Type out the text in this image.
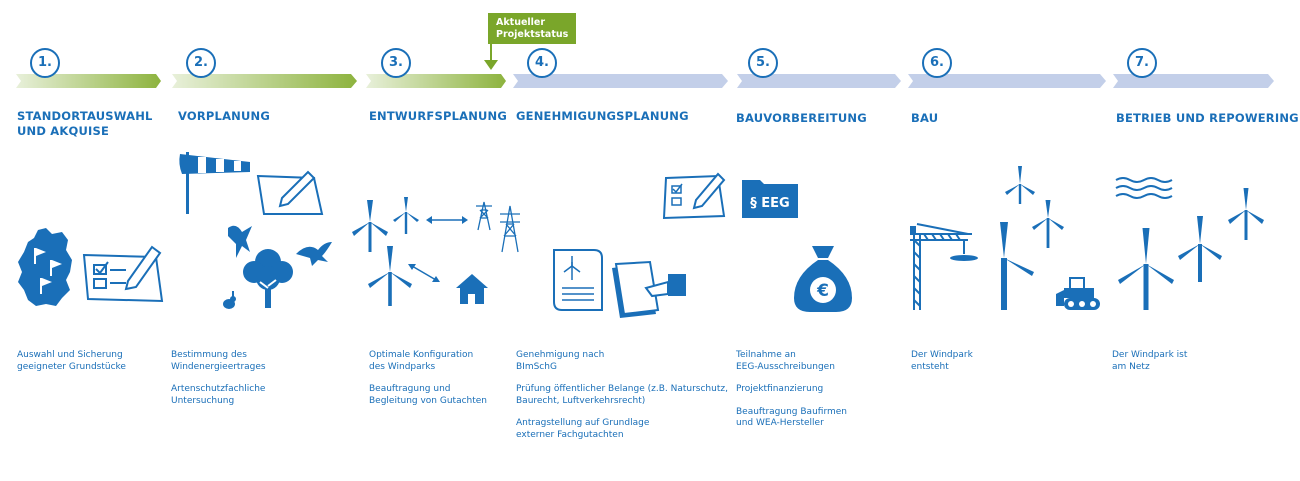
Aktueller
Projektstatus
1.	2.	3.	4.	5.	6.	7.
STANDORTAUSWAHL
UND AKQUISE
VORPLANUNG	ENTWURFSPLANUNG GENEHMIGUNGSPLANUNG	BAUVORBEREITUNG	BAU	BETRIEB UND REPOWERING

Auswahl und Sicherung
geeigneter Grundstücke

Bestimmung des
Windenergieertrages

Artenschutzfachliche
Untersuchung

Optimale Konfiguration
des Windparks

Beauftragung und
Begleitung von Gutachten

Genehmigung nach
BImSchG

Prüfung öffentlicher Belange (z.B. Naturschutz,
Baurecht, Luftverkehrsrecht)

Antragstellung auf Grundlage
externer Fachgutachten

Teilnahme an
EEG-Ausschreibungen

Projektfinanzierung

Beauftragung Baufirmen
und WEA-Hersteller

Der Windpark
entsteht

Der Windpark ist
am Netz

§ EEG
€
